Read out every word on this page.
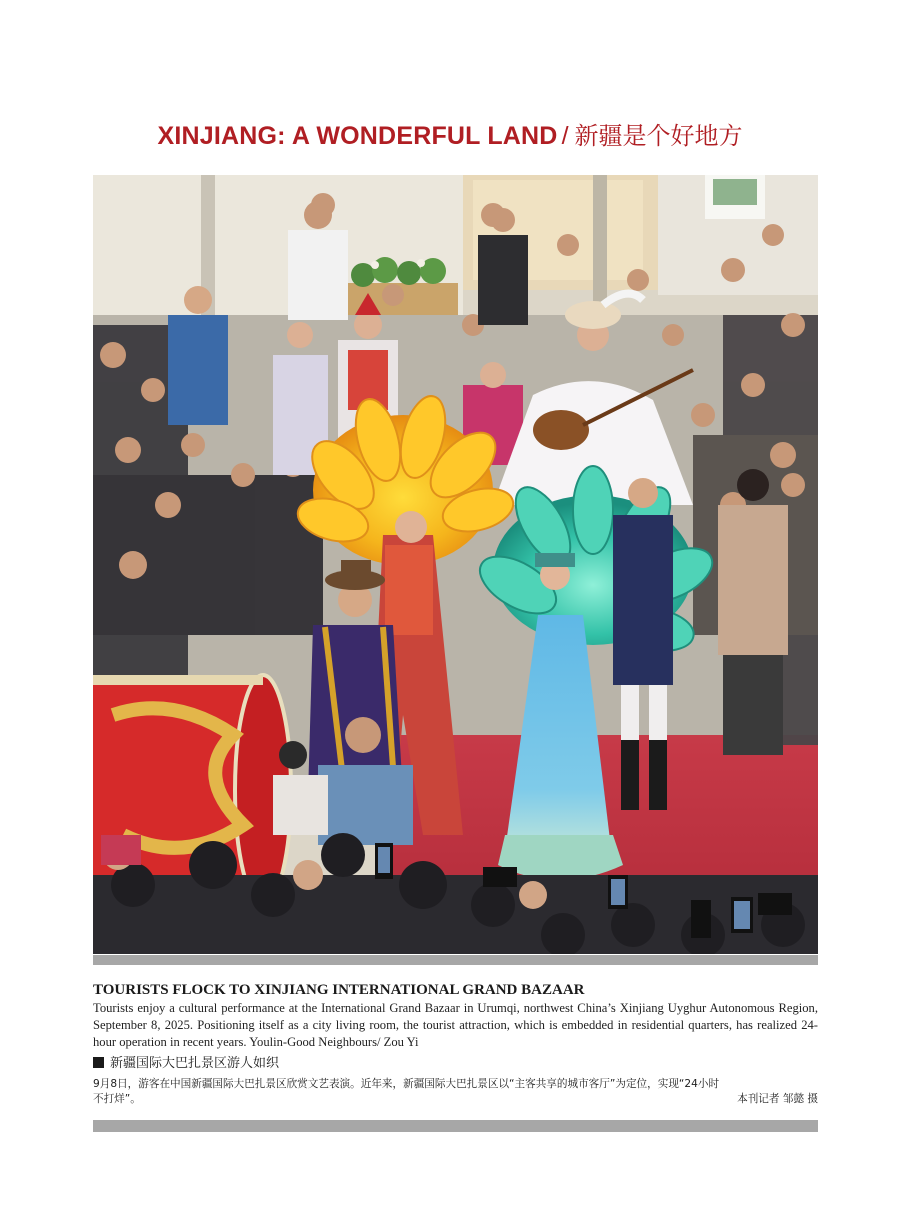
XINJIANG: A WONDERFUL LAND / 新疆是个好地方
TOURISTS FLOCK TO XINJIANG INTERNATIONAL GRAND BAZAAR
Tourists enjoy a cultural performance at the International Grand Bazaar in Urumqi, northwest China’s Xinjiang Uyghur Autonomous Region, September 8, 2025. Positioning itself as a city living room, the tourist attraction, which is embedded in residential quarters, has realized 24-hour operation in recent years. Youlin-Good Neighbours/ Zou Yi
新疆国际大巴扎景区游人如织
9月8日，游客在中国新疆国际大巴扎景区欣赏文艺表演。近年来，新疆国际大巴扎景区以“主客共享的城市客厅”为定位，实现“24小时
不打烊”。	本刊记者 邹懿 摄
